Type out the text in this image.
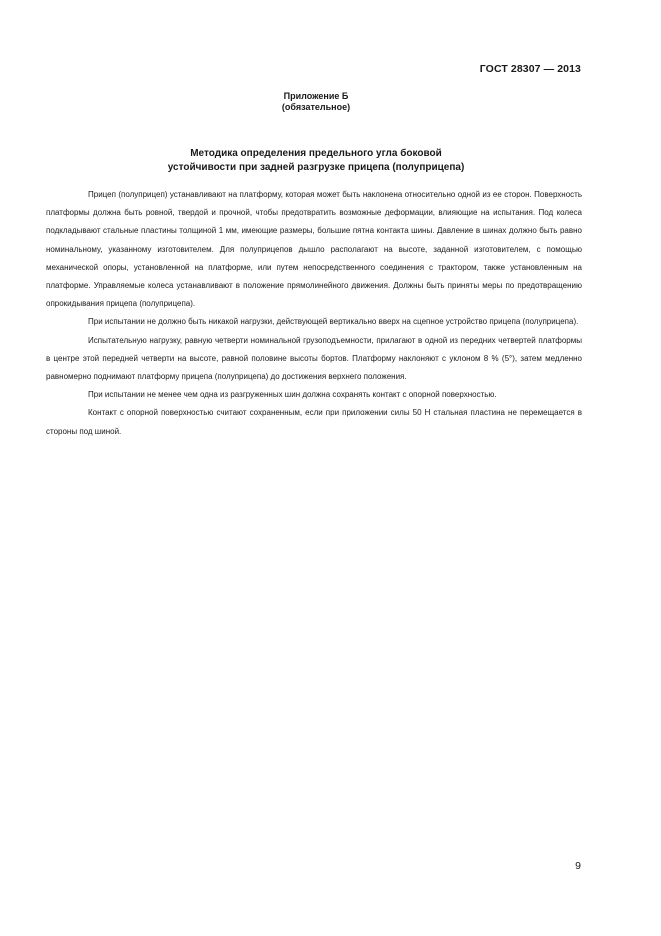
ГОСТ 28307 — 2013
Приложение Б
(обязательное)
Методика определения предельного угла боковой
устойчивости при задней разгрузке прицепа (полуприцепа)

Прицеп (полуприцеп) устанавливают на платформу, которая может быть наклонена относительно одной из ее сторон. Поверхность платформы должна быть ровной, твердой и прочной, чтобы предотвратить возможные деформации, влияющие на испытания. Под колеса подкладывают стальные пластины толщиной 1 мм, имеющие размеры, большие пятна контакта шины. Давление в шинах должно быть равно номинальному, указанному изготовителем. Для полуприцепов дышло располагают на высоте, заданной изготовителем, с помощью механической опоры, установленной на платформе, или путем непосредственного соединения с трактором, также установленным на платформе. Управляемые колеса устанавливают в положение прямолинейного движения. Должны быть приняты меры по предотвращению опрокидывания прицепа (полуприцепа).

При испытании не должно быть никакой нагрузки, действующей вертикально вверх на сцепное устройство прицепа (полуприцепа).

Испытательную нагрузку, равную четверти номинальной грузоподъемности, прилагают в одной из передних четвертей платформы в центре этой передней четверти на высоте, равной половине высоты бортов. Платформу наклоняют с уклоном 8 % (5°), затем медленно равномерно поднимают платформу прицепа (полуприцепа) до достижения верхнего положения.

При испытании не менее чем одна из разгруженных шин должна сохранять контакт с опорной поверхностью.

Контакт с опорной поверхностью считают сохраненным, если при приложении силы 50 Н стальная пластина не перемещается в стороны под шиной.

9
